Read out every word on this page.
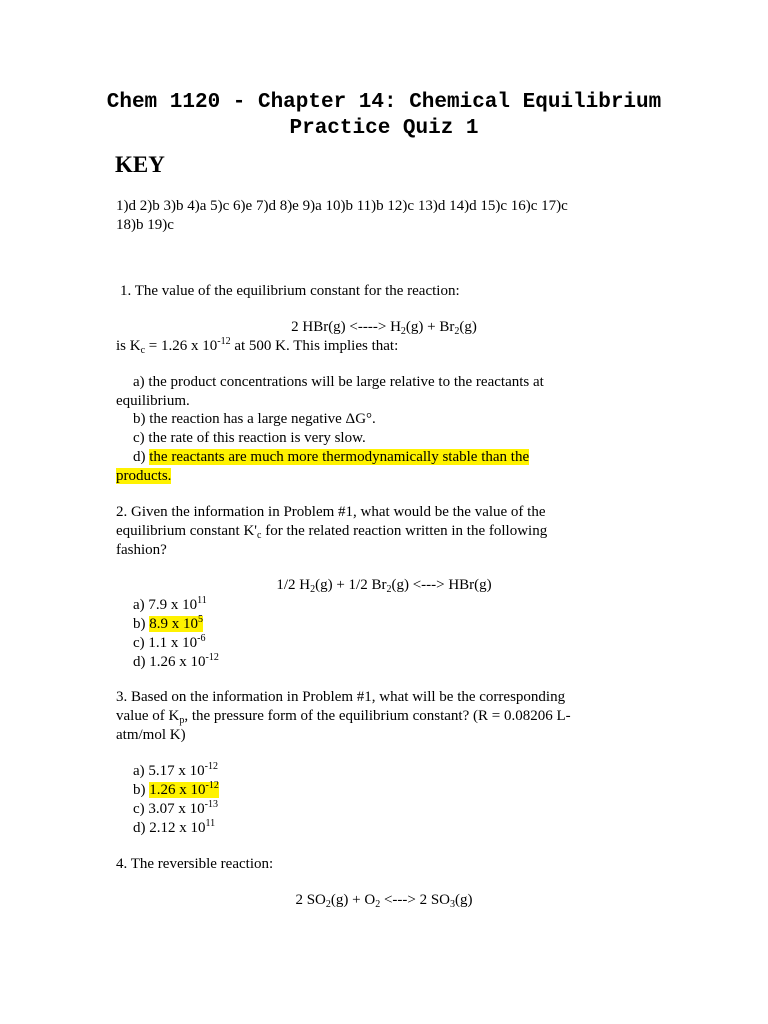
Chem 1120 - Chapter 14: Chemical Equilibrium
Practice Quiz 1
KEY
1)d 2)b 3)b 4)a 5)c 6)e 7)d 8)e 9)a 10)b 11)b 12)c 13)d 14)d 15)c 16)c 17)c
18)b 19)c
1. The value of the equilibrium constant for the reaction:
2 HBr(g) <----> $H_2(g) + Br_2(g)$
is $K_c = 1.26$ x $10^{-12}$ at 500 K. This implies that:
a) the product concentrations will be large relative to the reactants at
equilibrium.
b) the reaction has a large negative ΔG°.
c) the rate of this reaction is very slow.
d) the reactants are much more thermodynamically stable than the
products.
2. Given the information in Problem #1, what would be the value of the
equilibrium constant $K'_c$ for the related reaction written in the following
fashion?
1/2 $H_2(g) + 1/2$ $Br_2(g)$ <---> HBr(g)
a) 7.9 x $10^{11}$
b) 8.9 x $10^5$
c) 1.1 x $10^{-6}$
d) 1.26 x $10^{-12}$
3. Based on the information in Problem #1, what will be the corresponding
value of $K_p$, the pressure form of the equilibrium constant? (R = 0.08206 L-
atm/mol K)
a) 5.17 x $10^{-12}$
b) 1.26 x $10^{-12}$
c) 3.07 x $10^{-13}$
d) 2.12 x $10^{11}$
4. The reversible reaction:
2 $SO_2(g) + O_2$ <---> 2 $SO_3(g)$
